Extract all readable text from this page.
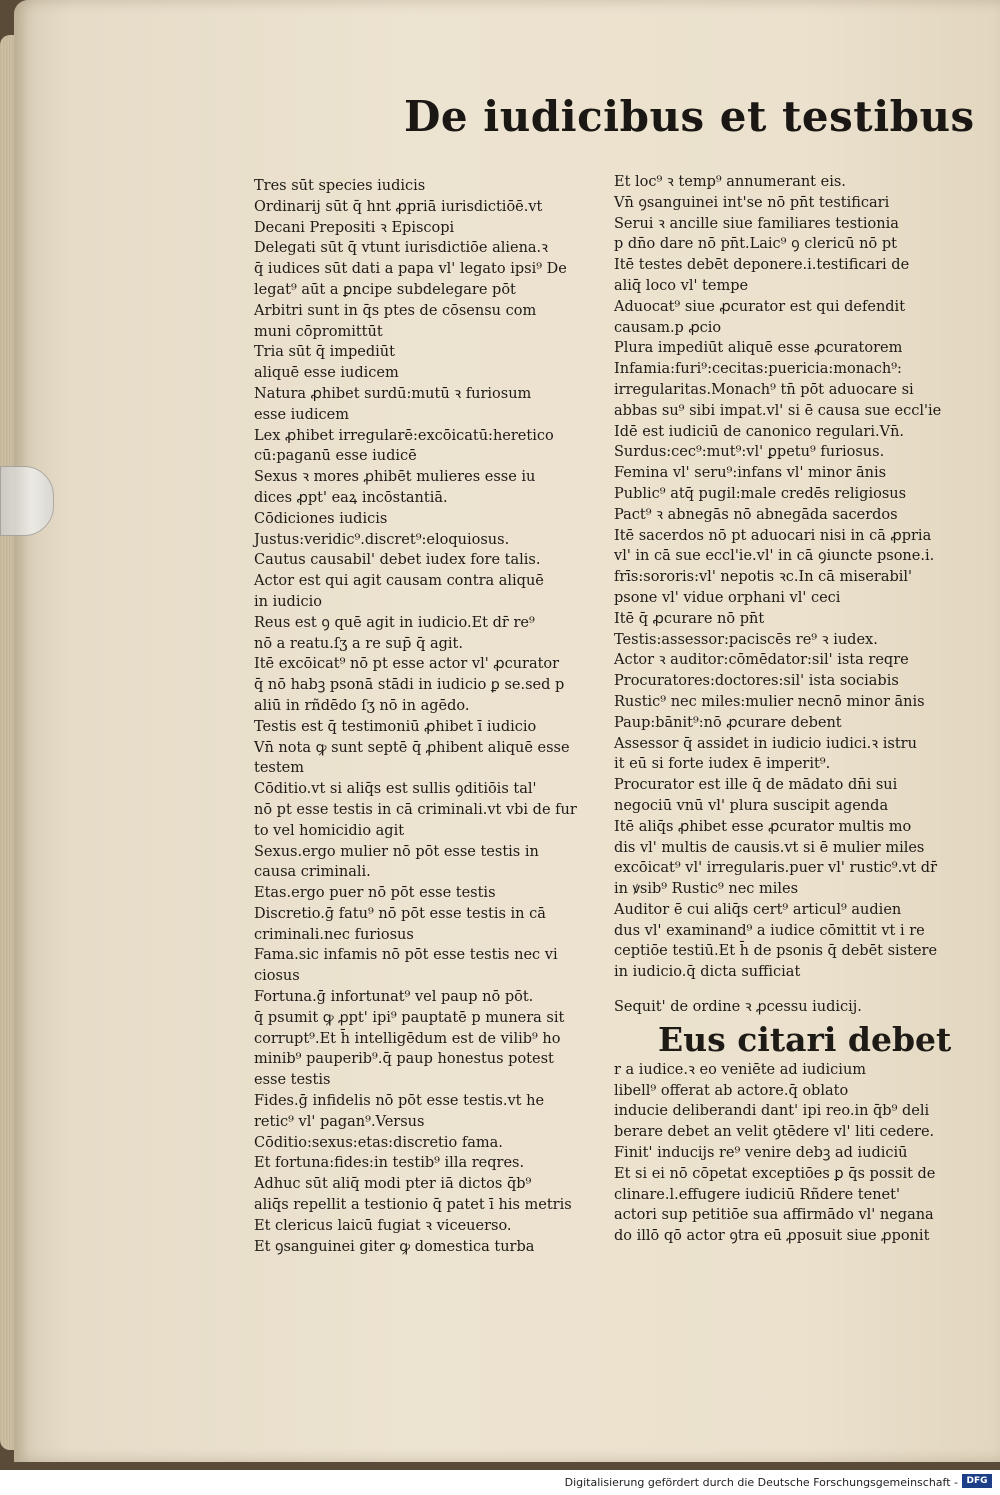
De iudicibus et testibus
Tres sūt species iudicis
Ordinarij sūt q̄ hnt ꝓpriā iurisdictiōē.vt
Decani Prepositi ꝛ Episcopi
Delegati sūt q̄ vtunt iurisdictiōe aliena.ꝛ
q̄ iudices sūt dati a papa vl' legato ipsi⁹ De
legat⁹ aūt a ꝑncipe subdelegare pōt
Arbitri sunt in q̄s ptes de cōsensu com
muni cōpromittūt
Tria sūt q̄ impediūt
aliquē esse iudicem
Natura ꝓhibet surdū:mutū ꝛ furiosum
esse iudicem
Lex ꝓhibet irregularē:excōicatū:heretico
cū:paganū esse iudicē
Sexus ꝛ mores ꝓhibēt mulieres esse iu
dices ꝓpt' eaꝝ incōstantiā.
Cōdiciones iudicis
Justus:veridic⁹.discret⁹:eloquiosus.
Cautus causabil' debet iudex fore talis.
Actor est qui agit causam contra aliquē
in iudicio
Reus est ꝯ quē agit in iudicio.Et dr̄ re⁹
nō a reatu.ſʒ a re sup̄ q̄ agit.
Itē excōicat⁹ nō pt esse actor vl' ꝓcurator
q̄ nō habꝫ psonā stādi in iudicio ꝑ se.sed p
aliū in rñdēdo ſʒ nō in agēdo.
Testis est q̄ testimoniū ꝓhibet ī iudicio
Vn̄ nota ꝙ sunt septē q̄ ꝓhibent aliquē esse
testem
Cōditio.vt si aliq̄s est sullis ꝯditiōis tal'
nō pt esse testis in cā criminali.vt vbi de fur
to vel homicidio agit
Sexus.ergo mulier nō pōt esse testis in
causa criminali.
Etas.ergo puer nō pōt esse testis
Discretio.ḡ fatu⁹ nō pōt esse testis in cā
criminali.nec furiosus
Fama.sic infamis nō pōt esse testis nec vi
ciosus
Fortuna.ḡ infortunat⁹ vel paup nō pōt.
q̄ psumit ꝙ ꝓpt' ipi⁹ pauptatē p munera sit
corrupt⁹.Et h̄ intelligēdum est de vilib⁹ ho
minib⁹ pauperib⁹.q̄ paup honestus potest
esse testis
Fides.ḡ infidelis nō pōt esse testis.vt he
retic⁹ vl' pagan⁹.Versus
Cōditio:sexus:etas:discretio fama.
Et fortuna:fides:in testib⁹ illa reqres.
Adhuc sūt aliq̄ modi pter iā dictos q̄b⁹
aliq̄s repellit a testionio q̄ patet ī his metris
Et clericus laicū fugiat ꝛ viceuerso.
Et ꝯsanguinei giter ꝙ domestica turba
Et loc⁹ ꝛ temp⁹ annumerant eis.
Vn̄ ꝯsanguinei int'se nō pn̄t testificari
Serui ꝛ ancille siue familiares testionia
p dn̄o dare nō pn̄t.Laic⁹ ꝯ clericū nō pt
Itē testes debēt deponere.i.testificari de
aliq̄ loco vl' tempe
Aduocat⁹ siue ꝓcurator est qui defendit
causam.p ꝓcio
Plura impediūt aliquē esse ꝓcuratorem
Infamia:furi⁹:cecitas:puericia:monach⁹:
irregularitas.Monach⁹ tn̄ pōt aduocare si
abbas su⁹ sibi impat.vl' si ē causa sue eccl'ie
Idē est iudiciū de canonico regulari.Vn̄.
Surdus:cec⁹:mut⁹:vl' ꝑpetu⁹ furiosus.
Femina vl' seru⁹:infans vl' minor ānis
Public⁹ atq̄ pugil:male credēs religiosus
Pact⁹ ꝛ abnegās nō abnegāda sacerdos
Itē sacerdos nō pt aduocari nisi in cā ꝓpria
vl' in cā sue eccl'ie.vl' in cā ꝯiuncte psone.i.
frīs:sororis:vl' nepotis ꝛc.In cā miserabil'
psone vl' vidue orphani vl' ceci
Itē q̄ ꝓcurare nō pn̄t
Testis:assessor:paciscēs re⁹ ꝛ iudex.
Actor ꝛ auditor:cōmēdator:sil' ista reqre
Procuratores:doctores:sil' ista sociabis
Rustic⁹ nec miles:mulier necnō minor ānis
Paup:bānit⁹:nō ꝓcurare debent
Assessor q̄ assidet in iudicio iudici.ꝛ istru
it eū si forte iudex ē imperit⁹.
Procurator est ille q̄ de mādato dn̄i sui
negociū vnū vl' plura suscipit agenda
Itē aliq̄s ꝓhibet esse ꝓcurator multis mo
dis vl' multis de causis.vt si ē mulier miles
excōicat⁹ vl' irregularis.puer vl' rustic⁹.vt dr̄
in ꝟsib⁹ Rustic⁹ nec miles
Auditor ē cui aliq̄s cert⁹ articul⁹ audien
dus vl' examinand⁹ a iudice cōmittit vt i re
ceptiōe testiū.Et h̄ de psonis q̄ debēt sistere
in iudicio.q̄ dicta sufficiat
Sequit' de ordine ꝛ ꝓcessu iudicij.
Eus citari debet
r a iudice.ꝛ eo veniēte ad iudicium
libell⁹ offerat ab actore.q̄ oblato
inducie deliberandi dant' ipi reo.in q̄b⁹ deli
berare debet an velit ꝯtēdere vl' liti cedere.
Finit' inducijs re⁹ venire debꝫ ad iudiciū
Et si ei nō cōpetat exceptiōes ꝑ q̄s possit de
clinare.l.effugere iudiciū Rñdere tenet'
actori sup petitiōe sua affirmādo vl' negana
do illō qō actor ꝯtra eū ꝓposuit siue ꝓponit
Digitalisierung gefördert durch die Deutsche Forschungsgemeinschaft - DFG
